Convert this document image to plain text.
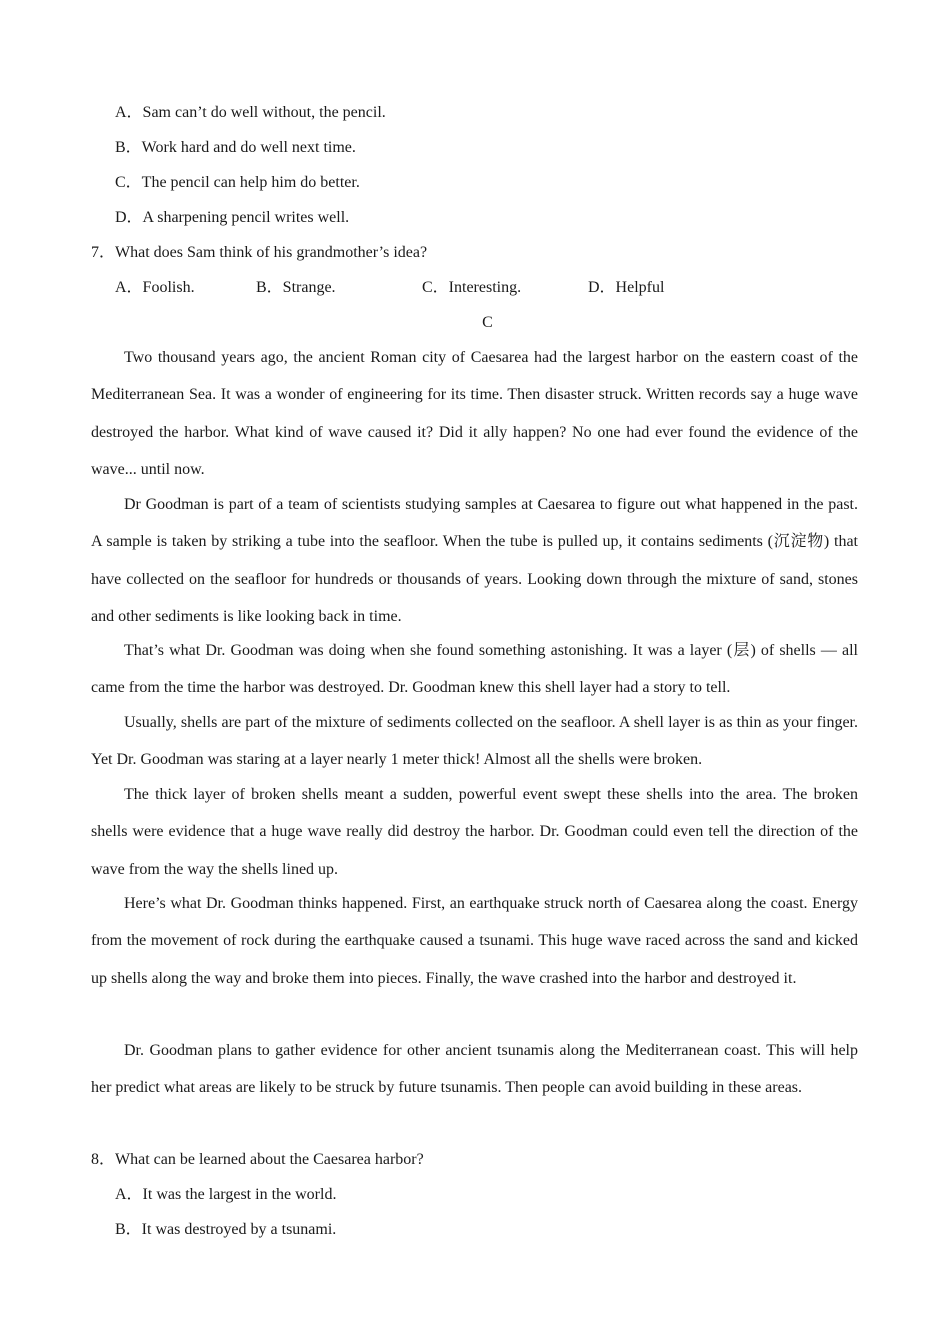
A．Sam can’t do well without, the pencil.
B．Work hard and do well next time.
C．The pencil can help him do better.
D．A sharpening pencil writes well.
7．What does Sam think of his grandmother’s idea?
A．Foolish.	B．Strange.	C．Interesting.	D．Helpful
C

Two thousand years ago, the ancient Roman city of Caesarea had the largest harbor on the eastern coast of the Mediterranean Sea. It was a wonder of engineering for its time. Then disaster struck. Written records say a huge wave destroyed the harbor. What kind of wave caused it? Did it ally happen? No one had ever found the evidence of the wave... until now.

Dr Goodman is part of a team of scientists studying samples at Caesarea to figure out what happened in the past. A sample is taken by striking a tube into the seafloor. When the tube is pulled up, it contains sediments (沉淀物) that have collected on the seafloor for hundreds or thousands of years. Looking down through the mixture of sand, stones and other sediments is like looking back in time.

That’s what Dr. Goodman was doing when she found something astonishing. It was a layer (层) of shells — all came from the time the harbor was destroyed. Dr. Goodman knew this shell layer had a story to tell.

Usually, shells are part of the mixture of sediments collected on the seafloor. A shell layer is as thin as your finger. Yet Dr. Goodman was staring at a layer nearly 1 meter thick! Almost all the shells were broken.

The thick layer of broken shells meant a sudden, powerful event swept these shells into the area. The broken shells were evidence that a huge wave really did destroy the harbor. Dr. Goodman could even tell the direction of the wave from the way the shells lined up.

Here’s what Dr. Goodman thinks happened. First, an earthquake struck north of Caesarea along the coast. Energy from the movement of rock during the earthquake caused a tsunami. This huge wave raced across the sand and kicked up shells along the way and broke them into pieces. Finally, the wave crashed into the harbor and destroyed it.

Dr. Goodman plans to gather evidence for other ancient tsunamis along the Mediterranean coast. This will help her predict what areas are likely to be struck by future tsunamis. Then people can avoid building in these areas.

8．What can be learned about the Caesarea harbor?
A．It was the largest in the world.
B．It was destroyed by a tsunami.
